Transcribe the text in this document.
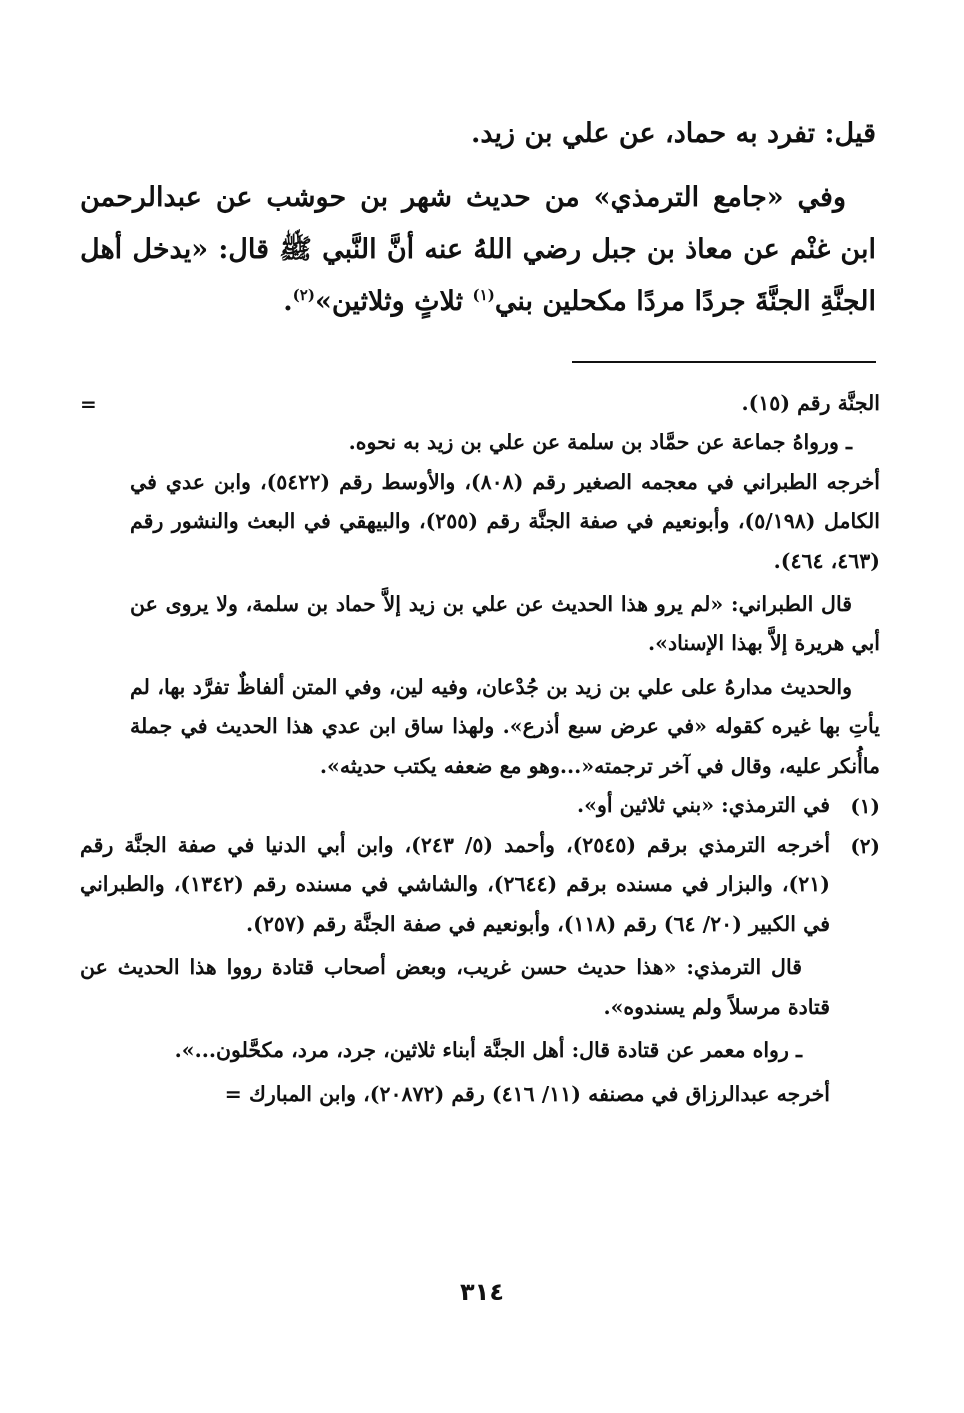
قيل: تفرد به حماد، عن علي بن زيد.

وفي «جامع الترمذي» من حديث شهر بن حوشب عن عبدالرحمن ابن غنْم عن معاذ بن جبل رضي اللهُ عنه أنَّ النَّبي ﷺ قال: «يدخل أهل الجنَّةِ الجنَّةَ جردًا مردًا مكحلين بني$^{(١)}$ ثلاثٍ وثلاثين»$^{(٢)}$.

الجنَّة رقم (١٥).

ـ ورواهُ جماعة عن حمَّاد بن سلمة عن علي بن زيد به نحوه.

أخرجه الطبراني في معجمه الصغير رقم (٨٠٨)، والأوسط رقم (٥٤٢٢)، وابن عدي في الكامل (٥/١٩٨)، وأبونعيم في صفة الجنَّة رقم (٢٥٥)، والبيهقي في البعث والنشور رقم (٤٦٣، ٤٦٤).

قال الطبراني: «لم يرو هذا الحديث عن علي بن زيد إلاَّ حماد بن سلمة، ولا يروى عن أبي هريرة إلاَّ بهذا الإسناد».

والحديث مدارهُ على علي بن زيد بن جُدْعان، وفيه لين، وفي المتن ألفاظٌ تفرَّد بها، لم يأتِ بها غيره كقوله «في عرض سبع أذرع». ولهذا ساق ابن عدي هذا الحديث في جملة ماأُنكر عليه، وقال في آخر ترجمته«...وهو مع ضعفه يكتب حديثه».

=
(١)

في الترمذي: «بني ثلاثين أو».

(٢)

أخرجه الترمذي برقم (٢٥٤٥)، وأحمد (٥/ ٢٤٣)، وابن أبي الدنيا في صفة الجنَّة رقم (٢١)، والبزار في مسنده برقم (٢٦٤٤)، والشاشي في مسنده رقم (١٣٤٢)، والطبراني في الكبير (٢٠/ ٦٤) رقم (١١٨)، وأبونعيم في صفة الجنَّة رقم (٢٥٧).

قال الترمذي: «هذا حديث حسن غريب، وبعض أصحاب قتادة رووا هذا الحديث عن قتادة مرسلاً ولم يسندوه».

ـ رواه معمر عن قتادة قال: أهل الجنَّة أبناء ثلاثين، جرد، مرد، مكحَّلون...».

أخرجه عبدالرزاق في مصنفه (١١/ ٤١٦) رقم (٢٠٨٧٢)، وابن المبارك =

٣١٤
